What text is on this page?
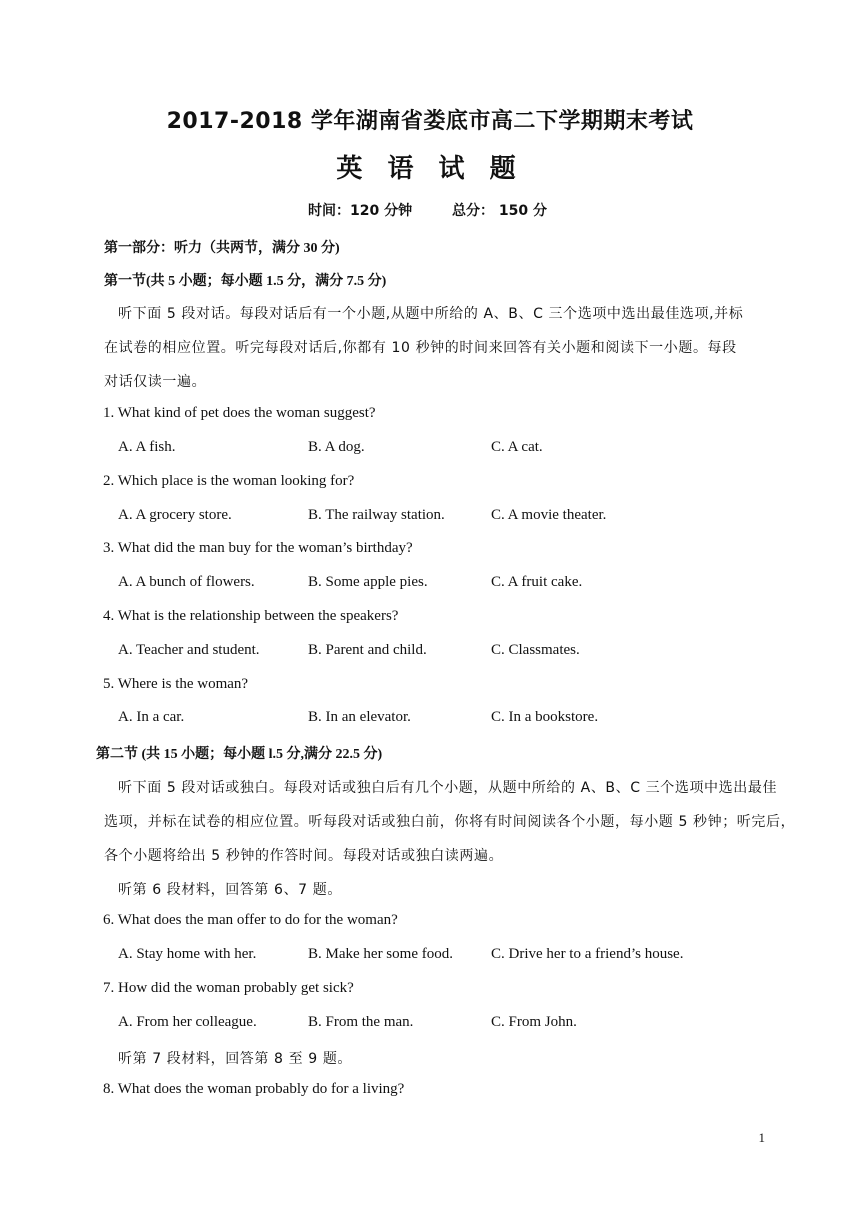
2017-2018 学年湖南省娄底市高二下学期期末考试
英 语 试 题
时间：120 分钟	总分： 150 分
第一部分：听力（共两节，满分 30 分)
第一节(共 5 小题；每小题 1.5 分，满分 7.5 分)
听下面 5 段对话。每段对话后有一个小题,从题中所给的 A、B、C 三个选项中选出最佳选项,并标
在试卷的相应位置。听完每段对话后,你都有 10 秒钟的时间来回答有关小题和阅读下一小题。每段
对话仅读一遍。
1. What kind of pet does the woman suggest?
A. A fish.	B. A dog.	C. A cat.
2. Which place is the woman looking for?
A. A grocery store.	B. The railway station.	C. A movie theater.
3. What did the man buy for the woman’s birthday?
A. A bunch of flowers.	B. Some apple pies.	C. A fruit cake.
4. What is the relationship between the speakers?
A. Teacher and student.	B. Parent and child.	C. Classmates.
5. Where is the woman?
A. In a car.	B. In an elevator.	C. In a bookstore.
第二节 (共 15 小题；每小题 l.5 分,满分 22.5 分)
听下面 5 段对话或独白。每段对话或独白后有几个小题，从题中所给的 A、B、C 三个选项中选出最佳
选项，并标在试卷的相应位置。听每段对话或独白前，你将有时间阅读各个小题，每小题 5 秒钟；听完后，
各个小题将给出 5 秒钟的作答时间。每段对话或独白读两遍。
听第 6 段材料，回答第 6、7 题。
6. What does the man offer to do for the woman?
A. Stay home with her.	B. Make her some food.	C. Drive her to a friend’s house.
7. How did the woman probably get sick?
A. From her colleague.	B. From the man.	C. From John.
听第 7 段材料，回答第 8 至 9 题。
8. What does the woman probably do for a living?
1
